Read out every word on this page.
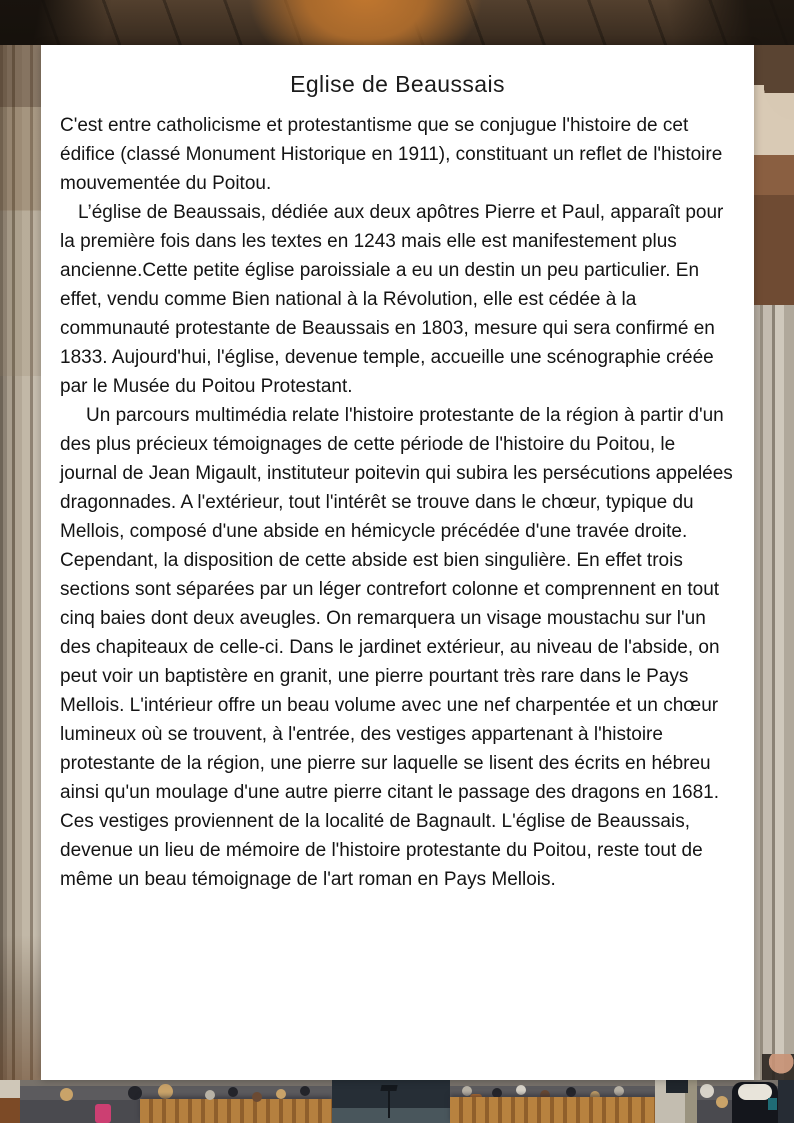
Eglise de Beaussais

C'est entre catholicisme et protestantisme que se conjugue l'histoire de cet édifice (classé Monument Historique en 1911), constituant un reflet de l'histoire mouvementée du Poitou.

L’église de Beaussais, dédiée aux deux apôtres Pierre et Paul, apparaît pour la première fois dans les textes en 1243 mais elle est manifestement plus ancienne.Cette petite église paroissiale a eu un destin un peu particulier. En effet, vendu comme Bien national à la Révolution, elle est cédée à la communauté protestante de Beaussais en 1803, mesure qui sera confirmé en 1833. Aujourd'hui, l'église, devenue temple, accueille une scénographie créée par le Musée du Poitou Protestant.

Un parcours multimédia relate l'histoire protestante de la région à partir d'un des plus précieux témoignages de cette période de l'histoire du Poitou, le journal de Jean Migault, instituteur poitevin qui subira les persécutions appelées dragonnades. A l'extérieur, tout l'intérêt se trouve dans le chœur, typique du Mellois, composé d'une abside en hémicycle précédée d'une travée droite. Cependant, la disposition de cette abside est bien singulière. En effet trois sections sont séparées par un léger contrefort colonne et comprennent en tout cinq baies dont deux aveugles. On remarquera un visage moustachu sur l'un des chapiteaux de celle-ci. Dans le jardinet extérieur, au niveau de l'abside, on peut voir un baptistère en granit, une pierre pourtant très rare dans le Pays Mellois. L'intérieur offre un beau volume avec une nef charpentée et un chœur lumineux où se trouvent, à l'entrée, des vestiges appartenant à l'histoire protestante de la région, une pierre sur laquelle se lisent des écrits en hébreu ainsi qu'un moulage d'une autre pierre citant le passage des dragons en 1681. Ces vestiges proviennent de la localité de Bagnault. L'église de Beaussais, devenue un lieu de mémoire de l'histoire protestante du Poitou, reste tout de même un beau témoignage de l'art roman en Pays Mellois.
